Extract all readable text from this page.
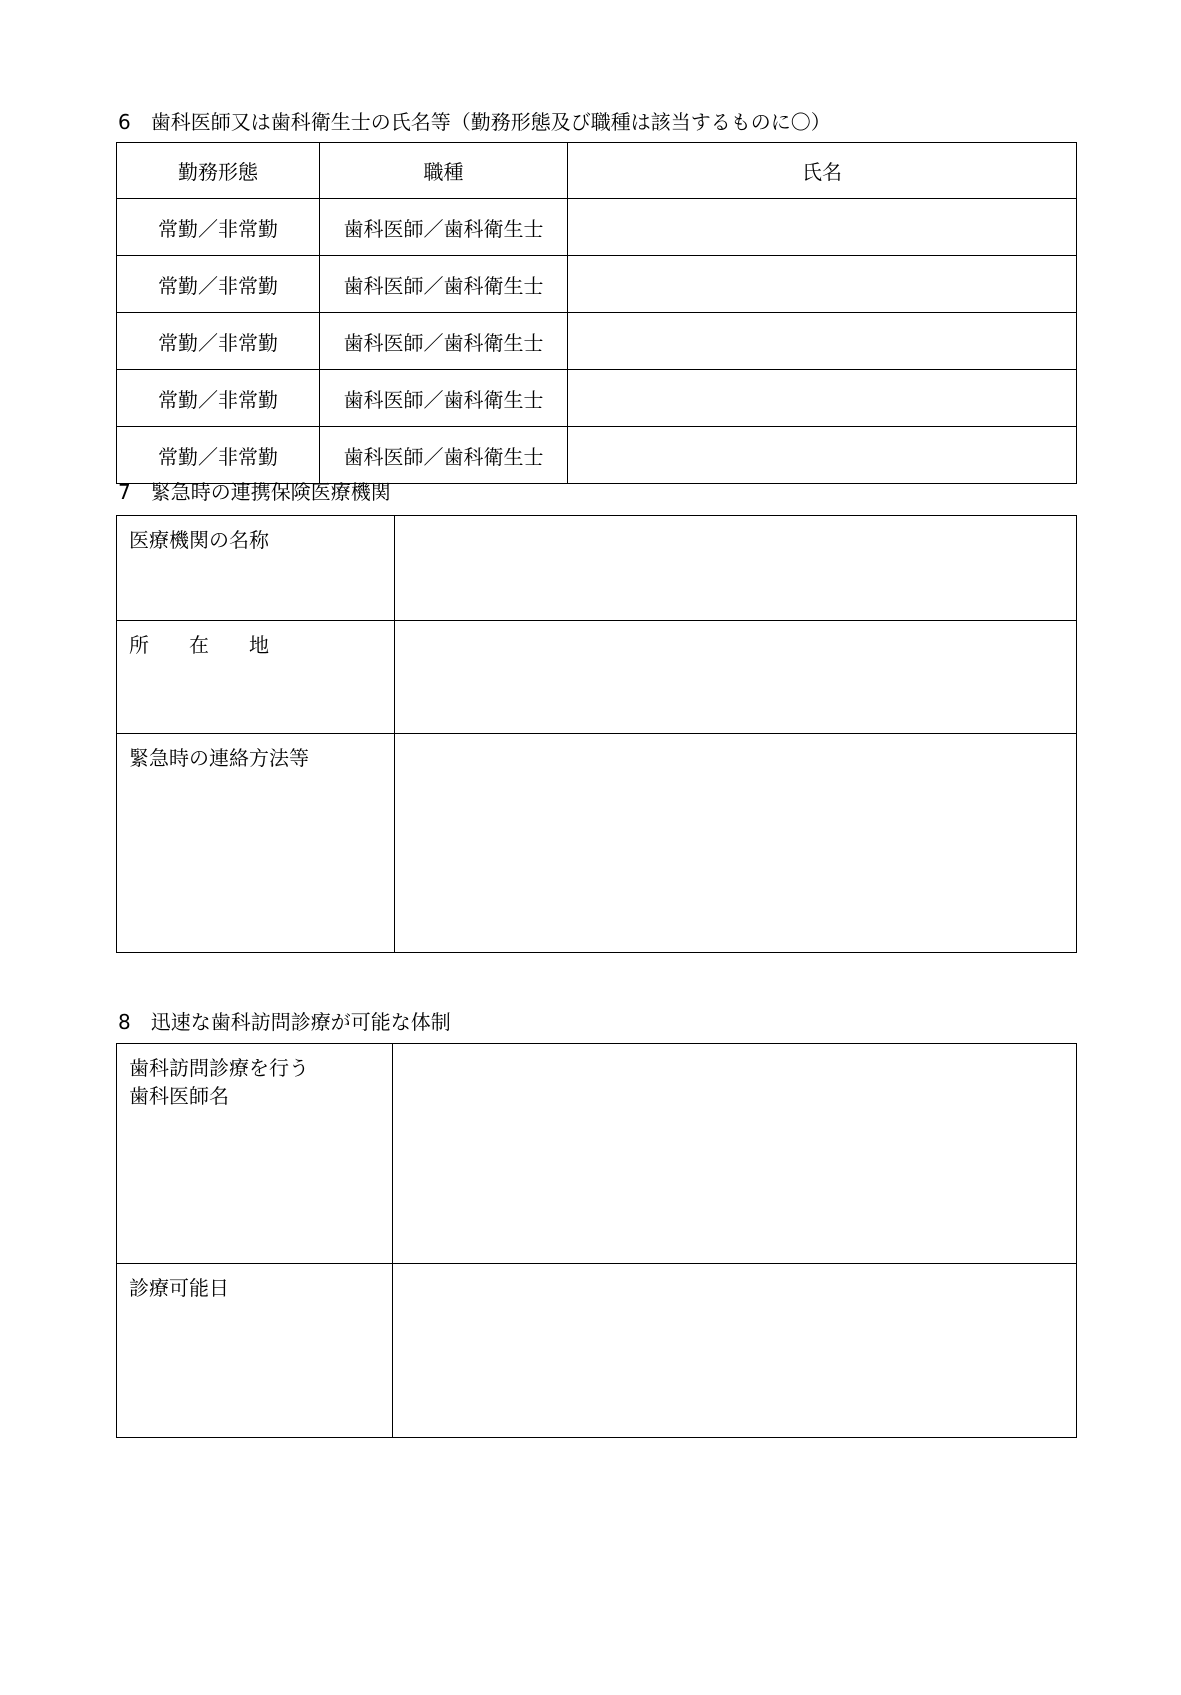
6　歯科医師又は歯科衛生士の氏名等（勤務形態及び職種は該当するものに〇）
勤務形態	職種	氏名
常勤／非常勤	歯科医師／歯科衛生士	
常勤／非常勤	歯科医師／歯科衛生士	
常勤／非常勤	歯科医師／歯科衛生士	
常勤／非常勤	歯科医師／歯科衛生士	
常勤／非常勤	歯科医師／歯科衛生士	
7　緊急時の連携保険医療機関
医療機関の名称	
所在地	
緊急時の連絡方法等	
8　迅速な歯科訪問診療が可能な体制
歯科訪問診療を行う
歯科医師名	

診療可能日	
